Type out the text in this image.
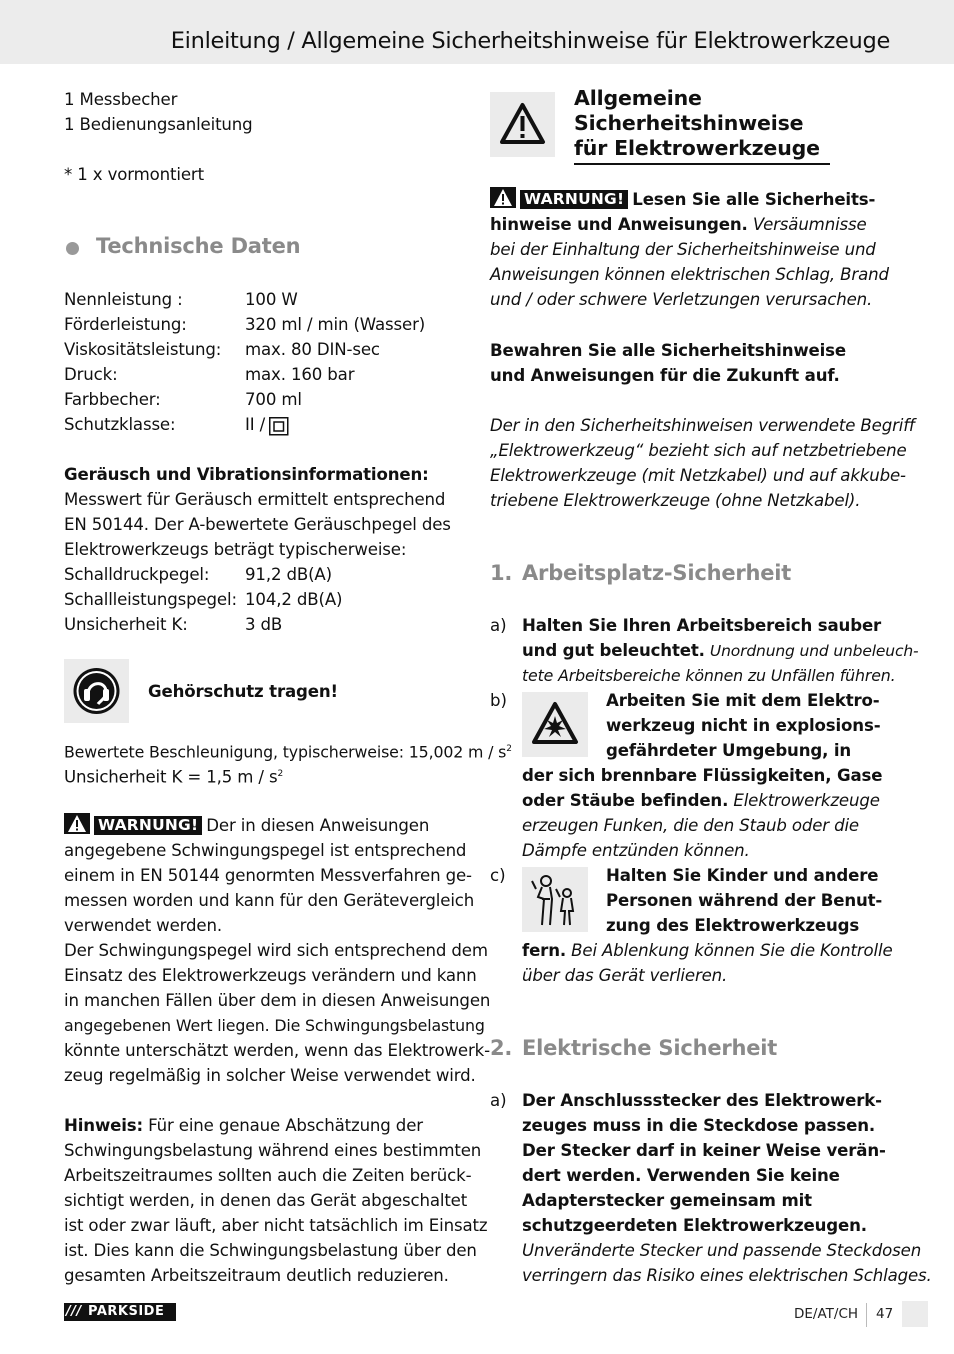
Einleitung / Allgemeine Sicherheitshinweise für Elektrowerkzeuge
1 Messbecher
1 Bedienungsanleitung
* 1 x vormontiert
Technische Daten
Nennleistung :	100 W
Förderleistung:	320 ml / min (Wasser)
Viskositätsleistung: max. 80 DIN-sec
Druck:	max. 160 bar
Farbbecher:	700 ml
Schutzklasse:	II /
Geräusch und Vibrationsinformationen:
Messwert für Geräusch ermittelt entsprechend
EN 50144. Der A-bewertete Geräuschpegel des
Elektrowerkzeugs beträgt typischerweise:
Schalldruckpegel: 91,2 dB(A)
Schallleistungspegel: 104,2 dB(A)
Unsicherheit K:	3 dB
Gehörschutz tragen!
Bewertete Beschleunigung, typischerweise: 15,002 m / $s^2$
Unsicherheit K = 1,5 m / $s^2$
WARNUNG! Der in diesen Anweisungen
angegebene Schwingungspegel ist entsprechend
einem in EN 50144 genormten Messverfahren ge-
messen worden und kann für den Gerätevergleich
verwendet werden.
Der Schwingungspegel wird sich entsprechend dem
Einsatz des Elektrowerkzeugs verändern und kann
in manchen Fällen über dem in diesen Anweisungen
angegebenen Wert liegen. Die Schwingungsbelastung
könnte unterschätzt werden, wenn das Elektrowerk-
zeug regelmäßig in solcher Weise verwendet wird.
Hinweis: Für eine genaue Abschätzung der
Schwingungsbelastung während eines bestimmten
Arbeitszeitraumes sollten auch die Zeiten berück-
sichtigt werden, in denen das Gerät abgeschaltet
ist oder zwar läuft, aber nicht tatsächlich im Einsatz
ist. Dies kann die Schwingungsbelastung über den
gesamten Arbeitszeitraum deutlich reduzieren.
Allgemeine
Sicherheitshinweise
für Elektrowerkzeuge
WARNUNG! Lesen Sie alle Sicherheits-
hinweise und Anweisungen. Versäumnisse
bei der Einhaltung der Sicherheitshinweise und
Anweisungen können elektrischen Schlag, Brand
und / oder schwere Verletzungen verursachen.
Bewahren Sie alle Sicherheitshinweise
und Anweisungen für die Zukunft auf.
Der in den Sicherheitshinweisen verwendete Begriff
„Elektrowerkzeug“ bezieht sich auf netzbetriebene
Elektrowerkzeuge (mit Netzkabel) und auf akkube-
triebene Elektrowerkzeuge (ohne Netzkabel).
1. Arbeitsplatz-Sicherheit
a) Halten Sie Ihren Arbeitsbereich sauber
und gut beleuchtet. Unordnung und unbeleuch-
tete Arbeitsbereiche können zu Unfällen führen.
b)	Arbeiten Sie mit dem Elektro-
werkzeug nicht in explosions-
gefährdeter Umgebung, in
der sich brennbare Flüssigkeiten, Gase
oder Stäube befinden. Elektrowerkzeuge
erzeugen Funken, die den Staub oder die
Dämpfe entzünden können.
c)	Halten Sie Kinder und andere
Personen während der Benut-
zung des Elektrowerkzeugs
fern. Bei Ablenkung können Sie die Kontrolle
über das Gerät verlieren.
2. Elektrische Sicherheit
a) Der Anschlussstecker des Elektrowerk-
zeuges muss in die Steckdose passen.
Der Stecker darf in keiner Weise verän-
dert werden. Verwenden Sie keine
Adapterstecker gemeinsam mit
schutzgeerdeten Elektrowerkzeugen.
Unveränderte Stecker und passende Steckdosen
verringern das Risiko eines elektrischen Schlages.
/// PARKSIDE	DE/AT/CH 47
